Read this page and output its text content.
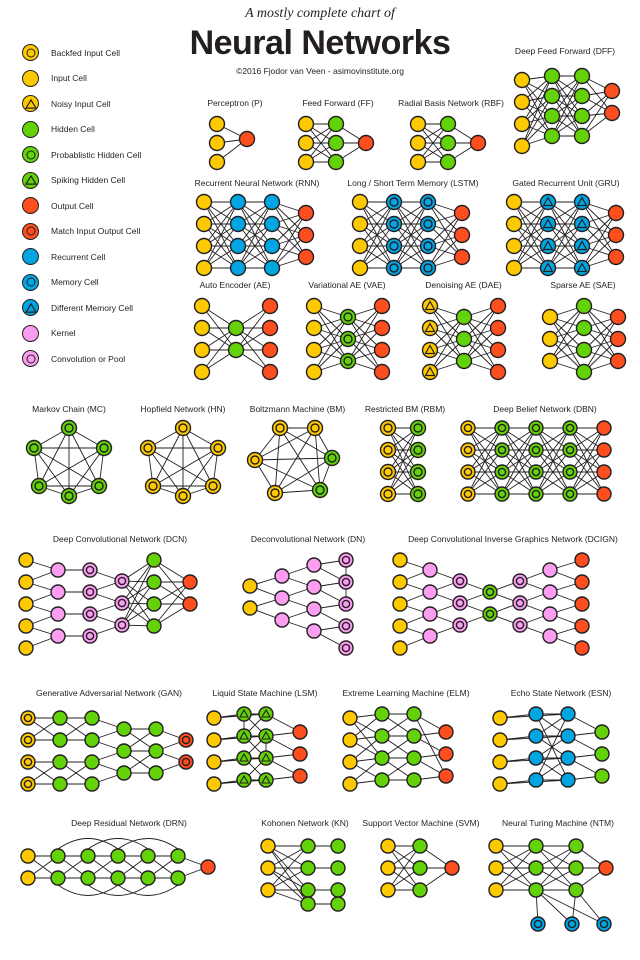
A mostly complete chart of
Neural Networks
©2016 Fjodor van Veen - asimovinstitute.org
Backfed Input Cell
Input Cell
Noisy Input Cell
Hidden Cell
Probablistic Hidden Cell
Spiking Hidden Cell
Output Cell
Match Input Output Cell
Recurrent Cell
Memory Cell
Different Memory Cell
Kernel
Convolution or Pool
Deep Feed Forward (DFF)
Perceptron (P)	Feed Forward (FF)	Radial Basis Network (RBF)
Recurrent Neural Network (RNN)	Long / Short Term Memory (LSTM)	Gated Recurrent Unit (GRU)
Auto Encoder (AE)	Variational AE (VAE)	Denoising AE (DAE)	Sparse AE (SAE)
Markov Chain (MC)	Hopfield Network (HN)	Boltzmann Machine (BM) Restricted BM (RBM)	Deep Belief Network (DBN)
Deep Convolutional Network (DCN)	Deconvolutional Network (DN)	Deep Convolutional Inverse Graphics Network (DCIGN)
Generative Adversarial Network (GAN)	Liquid State Machine (LSM)	Extreme Learning Machine (ELM)	Echo State Network (ESN)
Deep Residual Network (DRN)	Kohonen Network (KN) Support Vector Machine (SVM)	Neural Turing Machine (NTM)
